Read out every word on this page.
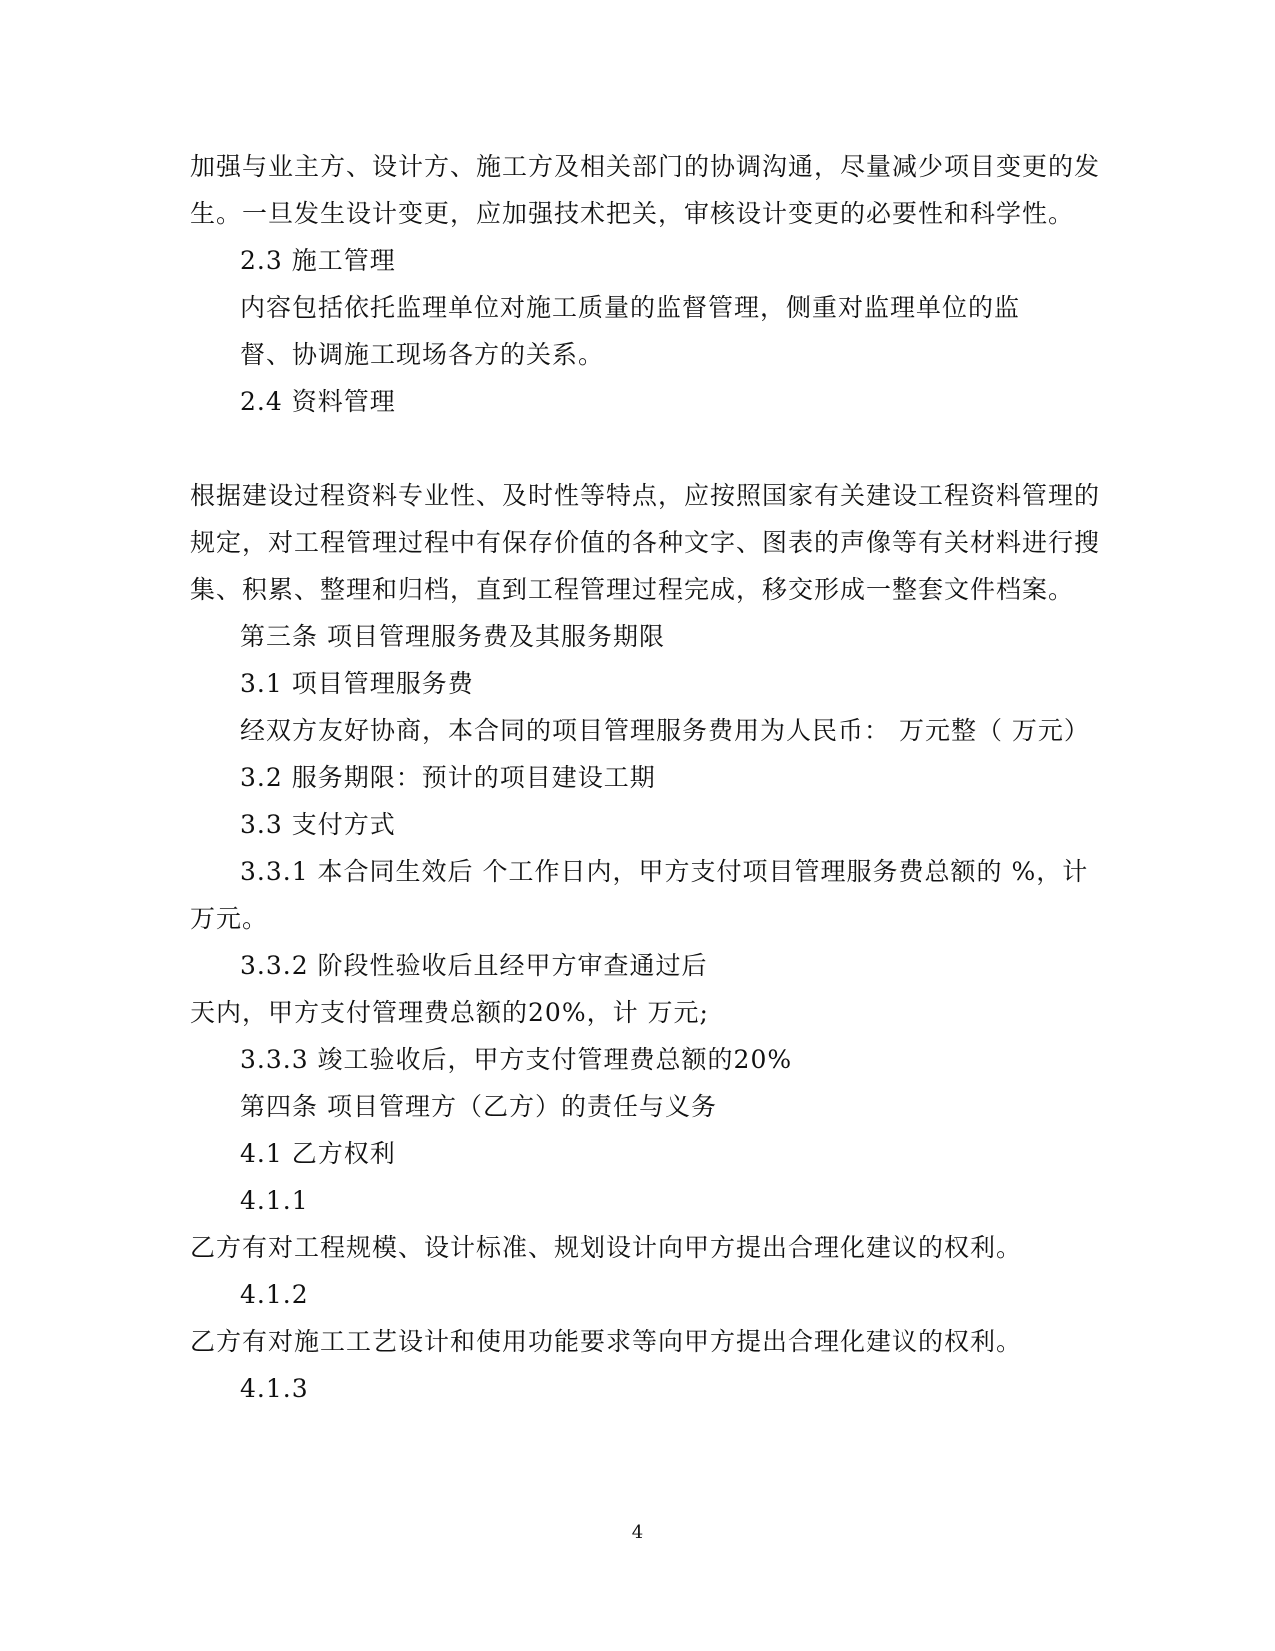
加强与业主方、设计方、施工方及相关部门的协调沟通，尽量减少项目变更的发
生。一旦发生设计变更，应加强技术把关，审核设计变更的必要性和科学性。
2.3 施工管理
内容包括依托监理单位对施工质量的监督管理，侧重对监理单位的监
督、协调施工现场各方的关系。
2.4 资料管理
根据建设过程资料专业性、及时性等特点，应按照国家有关建设工程资料管理的
规定，对工程管理过程中有保存价值的各种文字、图表的声像等有关材料进行搜
集、积累、整理和归档，直到工程管理过程完成，移交形成一整套文件档案。
第三条 项目管理服务费及其服务期限
3.1 项目管理服务费
经双方友好协商，本合同的项目管理服务费用为人民币： 万元整（ 万元）
3.2 服务期限：预计的项目建设工期
3.3 支付方式
3.3.1 本合同生效后 个工作日内，甲方支付项目管理服务费总额的 %，计
万元。
3.3.2 阶段性验收后且经甲方审查通过后
天内，甲方支付管理费总额的20%，计 万元;
3.3.3 竣工验收后，甲方支付管理费总额的20%
第四条 项目管理方（乙方）的责任与义务
4.1 乙方权利
4.1.1
乙方有对工程规模、设计标准、规划设计向甲方提出合理化建议的权利。
4.1.2
乙方有对施工工艺设计和使用功能要求等向甲方提出合理化建议的权利。
4.1.3
4
